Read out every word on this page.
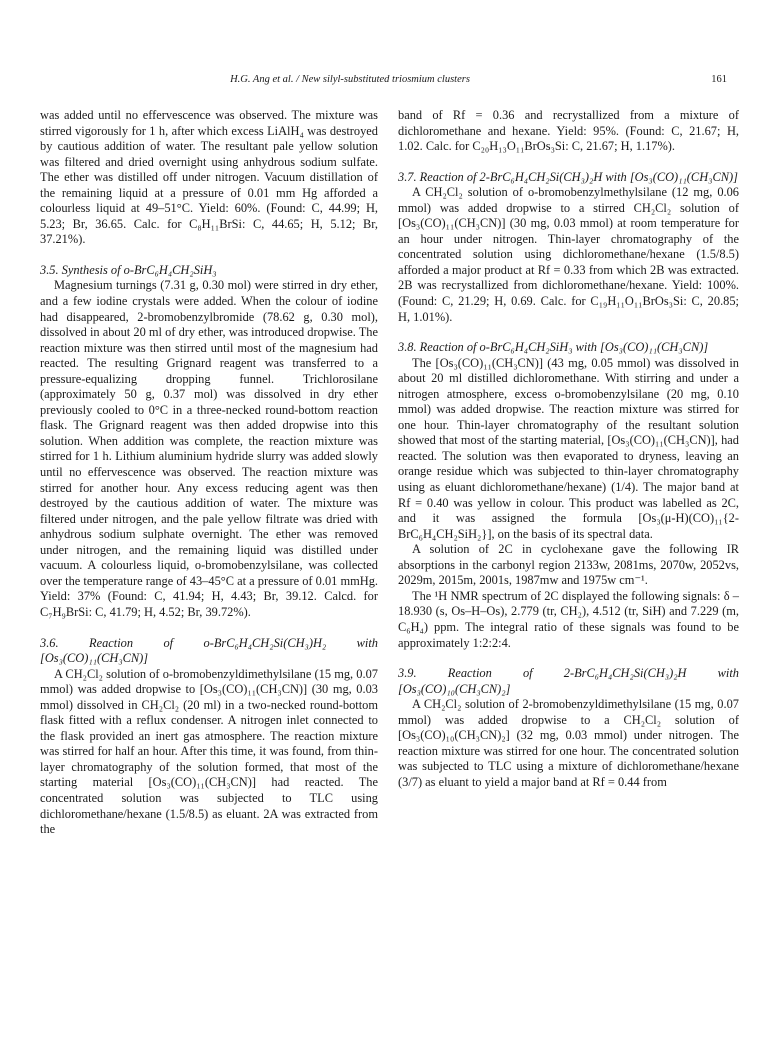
H.G. Ang et al. / New silyl-substituted triosmium clusters	161

was added until no effervescence was observed. The mixture was stirred vigorously for 1 h, after which excess LiAlH₄ was destroyed by cautious addition of water. The resultant pale yellow solution was filtered and dried overnight using anhydrous sodium sulfate. The ether was distilled off under nitrogen. Vacuum distillation of the remaining liquid at a pressure of 0.01 mm Hg afforded a colourless liquid at 49–51°C. Yield: 60%. (Found: C, 44.99; H, 5.23; Br, 36.65. Calc. for C₈H₁₁BrSi: C, 44.65; H, 5.12; Br, 37.21%).

3.5. Synthesis of o-BrC₆H₄CH₂SiH₃

Magnesium turnings (7.31 g, 0.30 mol) were stirred in dry ether, and a few iodine crystals were added. When the colour of iodine had disappeared, 2-bromobenzylbromide (78.62 g, 0.30 mol), dissolved in about 20 ml of dry ether, was introduced dropwise. The reaction mixture was then stirred until most of the magnesium had reacted. The resulting Grignard reagent was transferred to a pressure-equalizing dropping funnel. Trichlorosilane (approximately 50 g, 0.37 mol) was dissolved in dry ether previously cooled to 0°C in a three-necked round-bottom reaction flask. The Grignard reagent was then added dropwise into this solution. When addition was complete, the reaction mixture was stirred for 1 h. Lithium aluminium hydride slurry was added slowly until no effervescence was observed. The reaction mixture was stirred for another hour. Any excess reducing agent was then destroyed by the cautious addition of water. The mixture was filtered under nitrogen, and the pale yellow filtrate was dried with anhydrous sodium sulphate overnight. The ether was removed under nitrogen, and the remaining liquid was distilled under vacuum. A colourless liquid, o-bromobenzylsilane, was collected over the temperature range of 43–45°C at a pressure of 0.01 mmHg. Yield: 37% (Found: C, 41.94; H, 4.43; Br, 39.12. Calcd. for C₇H₉BrSi: C, 41.79; H, 4.52; Br, 39.72%).

3.6. Reaction of o-BrC₆H₄CH₂Si(CH₃)H₂ with [Os₃(CO)₁₁(CH₃CN)]

A CH₂Cl₂ solution of o-bromobenzyldimethylsilane (15 mg, 0.07 mmol) was added dropwise to [Os₃(CO)₁₁(CH₃CN)] (30 mg, 0.03 mmol) dissolved in CH₂Cl₂ (20 ml) in a two-necked round-bottom flask fitted with a reflux condenser. A nitrogen inlet connected to the flask provided an inert gas atmosphere. The reaction mixture was stirred for half an hour. After this time, it was found, from thin-layer chromatography of the solution formed, that most of the starting material [Os₃(CO)₁₁(CH₃CN)] had reacted. The concentrated solution was subjected to TLC using dichloromethane/hexane (1.5/8.5) as eluant. 2A was extracted from the

band of Rf = 0.36 and recrystallized from a mixture of dichloromethane and hexane. Yield: 95%. (Found: C, 21.67; H, 1.02. Calc. for C₂₀H₁₃O₁₁BrOs₃Si: C, 21.67; H, 1.17%).

3.7. Reaction of 2-BrC₆H₄CH₂Si(CH₃)₂H with [Os₃(CO)₁₁(CH₃CN)]

A CH₂Cl₂ solution of o-bromobenzylmethylsilane (12 mg, 0.06 mmol) was added dropwise to a stirred CH₂Cl₂ solution of [Os₃(CO)₁₁(CH₃CN)] (30 mg, 0.03 mmol) at room temperature for an hour under nitrogen. Thin-layer chromatography of the concentrated solution using dichloromethane/hexane (1.5/8.5) afforded a major product at Rf = 0.33 from which 2B was extracted. 2B was recrystallized from dichloromethane/hexane. Yield: 100%. (Found: C, 21.29; H, 0.69. Calc. for C₁₉H₁₁O₁₁BrOs₃Si: C, 20.85; H, 1.01%).

3.8. Reaction of o-BrC₆H₄CH₂SiH₃ with [Os₃(CO)₁₁(CH₃CN)]

The [Os₃(CO)₁₁(CH₃CN)] (43 mg, 0.05 mmol) was dissolved in about 20 ml distilled dichloromethane. With stirring and under a nitrogen atmosphere, excess o-bromobenzylsilane (20 mg, 0.10 mmol) was added dropwise. The reaction mixture was stirred for one hour. Thin-layer chromatography of the resultant solution showed that most of the starting material, [Os₃(CO)₁₁(CH₃CN)], had reacted. The solution was then evaporated to dryness, leaving an orange residue which was subjected to thin-layer chromatography using as eluant dichloromethane/hexane) (1/4). The major band at Rf = 0.40 was yellow in colour. This product was labelled as 2C, and it was assigned the formula [Os₃(μ-H)(CO)₁₁{2-BrC₆H₄CH₂SiH₂}], on the basis of its spectral data.

A solution of 2C in cyclohexane gave the following IR absorptions in the carbonyl region 2133w, 2081ms, 2070w, 2052vs, 2029m, 2015m, 2001s, 1987mw and 1975w cm⁻¹.

The ¹H NMR spectrum of 2C displayed the following signals: δ – 18.930 (s, Os–H–Os), 2.779 (tr, CH₂), 4.512 (tr, SiH) and 7.229 (m, C₆H₄) ppm. The integral ratio of these signals was found to be approximately 1:2:2:4.

3.9. Reaction of 2-BrC₆H₄CH₂Si(CH₃)₂H with [Os₃(CO)₁₀(CH₃CN)₂]

A CH₂Cl₂ solution of 2-bromobenzyldimethylsilane (15 mg, 0.07 mmol) was added dropwise to a CH₂Cl₂ solution of [Os₃(CO)₁₀(CH₃CN)₂] (32 mg, 0.03 mmol) under nitrogen. The reaction mixture was stirred for one hour. The concentrated solution was subjected to TLC using a mixture of dichloromethane/hexane (3/7) as eluant to yield a major band at Rf = 0.44 from
